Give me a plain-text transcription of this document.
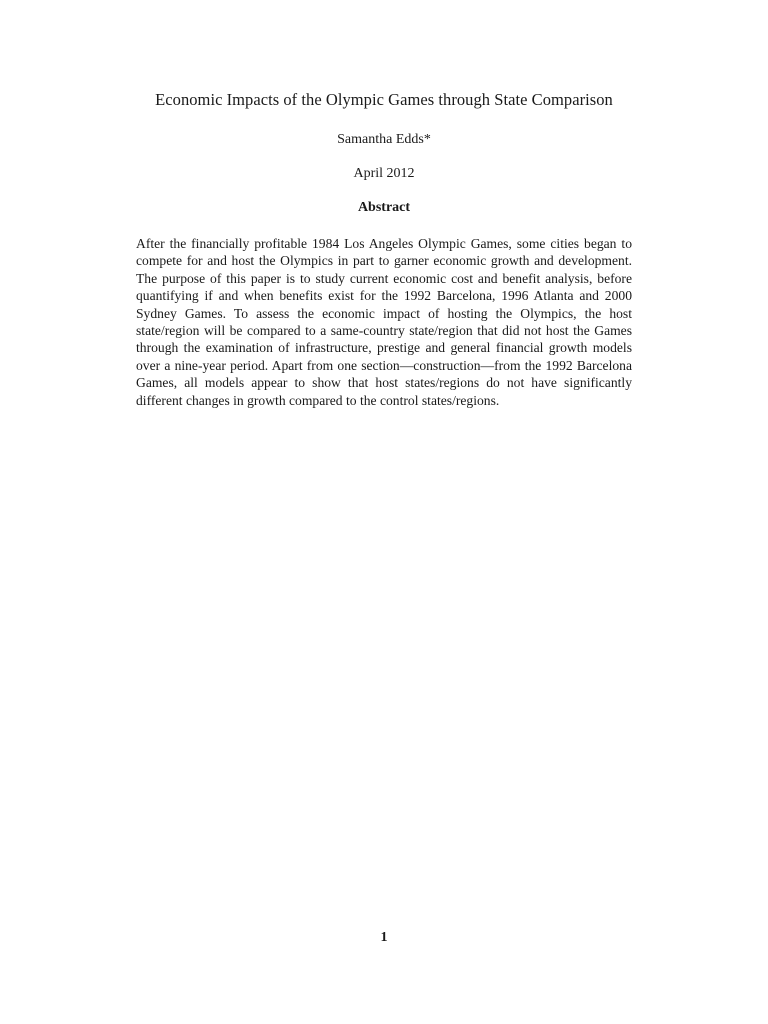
Economic Impacts of the Olympic Games through State Comparison
Samantha Edds*
April 2012
Abstract

After the financially profitable 1984 Los Angeles Olympic Games, some cities began to compete for and host the Olympics in part to garner economic growth and development. The purpose of this paper is to study current economic cost and benefit analysis, before quantifying if and when benefits exist for the 1992 Barcelona, 1996 Atlanta and 2000 Sydney Games. To assess the economic impact of hosting the Olympics, the host state/region will be compared to a same-country state/region that did not host the Games through the examination of infrastructure, prestige and general financial growth models over a nine-year period. Apart from one section—construction—from the 1992 Barcelona Games, all models appear to show that host states/regions do not have significantly different changes in growth compared to the control states/regions.

1
